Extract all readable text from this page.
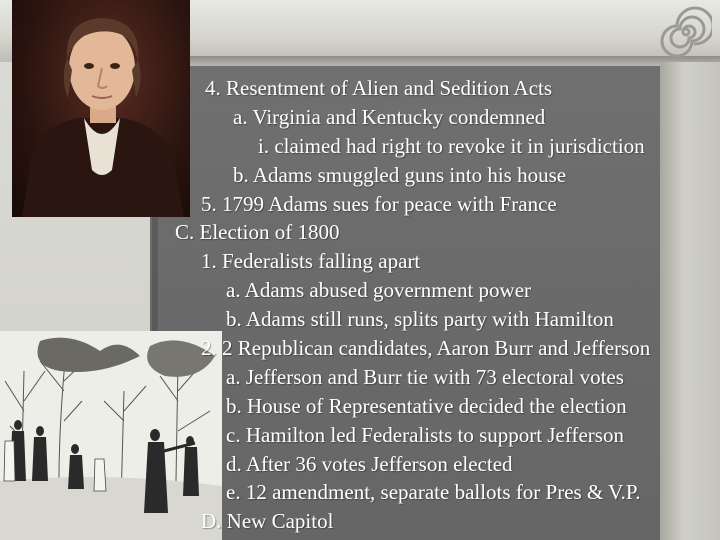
4. Resentment of Alien and Sedition Acts
a. Virginia and Kentucky condemned
i. claimed had right to revoke it in jurisdiction
b. Adams smuggled guns into his house
5. 1799 Adams sues for peace with France
C. Election of 1800
1. Federalists falling apart
a. Adams abused government power
b. Adams still runs, splits party with Hamilton
2. 2 Republican candidates, Aaron Burr and Jefferson
a. Jefferson and Burr tie with 73 electoral votes
b. House of Representative decided the election
c. Hamilton led Federalists to support Jefferson
d. After 36 votes Jefferson elected
e. 12 amendment, separate ballots for Pres & V.P.
D. New Capitol
